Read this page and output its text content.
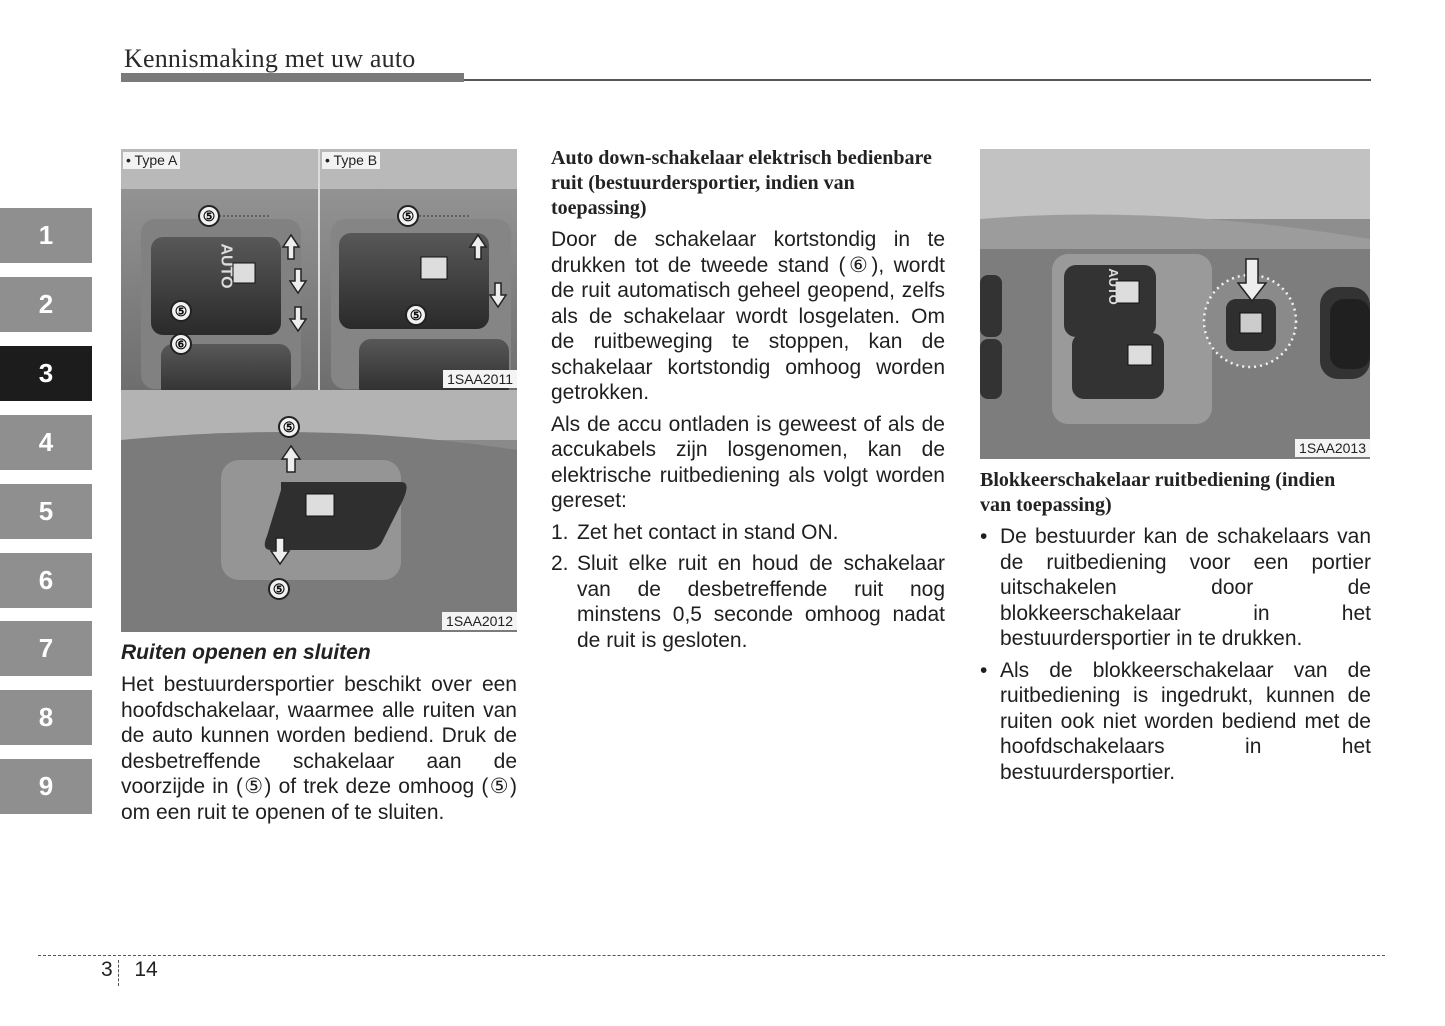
Kennismaking met uw auto
1
2
3
4
5
6
7
8
9
• Type A	• Type B
AUTO
⑤
⑤
⑥
⑤
⑤
1SAA2011
⑤
⑤
1SAA2012
Ruiten openen en sluiten

Het bestuurdersportier beschikt over een hoofdschakelaar, waarmee alle ruiten van de auto kunnen worden bediend. Druk de desbetreffende schakelaar aan de voorzijde in (⑤) of trek deze omhoog (⑤) om een ruit te openen of te sluiten.

Auto down-schakelaar elektrisch bedienbare ruit (bestuurdersportier, indien van toepassing)

Door de schakelaar kortstondig in te drukken tot de tweede stand (⑥), wordt de ruit automatisch geheel geopend, zelfs als de schakelaar wordt losgelaten. Om de ruitbeweging te stoppen, kan de schakelaar kortstondig omhoog worden getrokken.

Als de accu ontladen is geweest of als de accukabels zijn losgenomen, kan de elektrische ruitbediening als volgt worden gereset:

1. Zet het contact in stand ON.
2. Sluit elke ruit en houd de schakelaar van de desbetreffende ruit nog minstens 0,5 seconde omhoog nadat de ruit is gesloten.
AUTO
1SAA2013
Blokkeerschakelaar ruitbediening (indien van toepassing)
• De bestuurder kan de schakelaars van de ruitbediening voor een portier uitschakelen door de blokkeerschakelaar in het bestuurdersportier in te drukken.
• Als de blokkeerschakelaar van de ruitbediening is ingedrukt, kunnen de ruiten ook niet worden bediend met de hoofdschakelaars in het bestuurdersportier.
3 14
